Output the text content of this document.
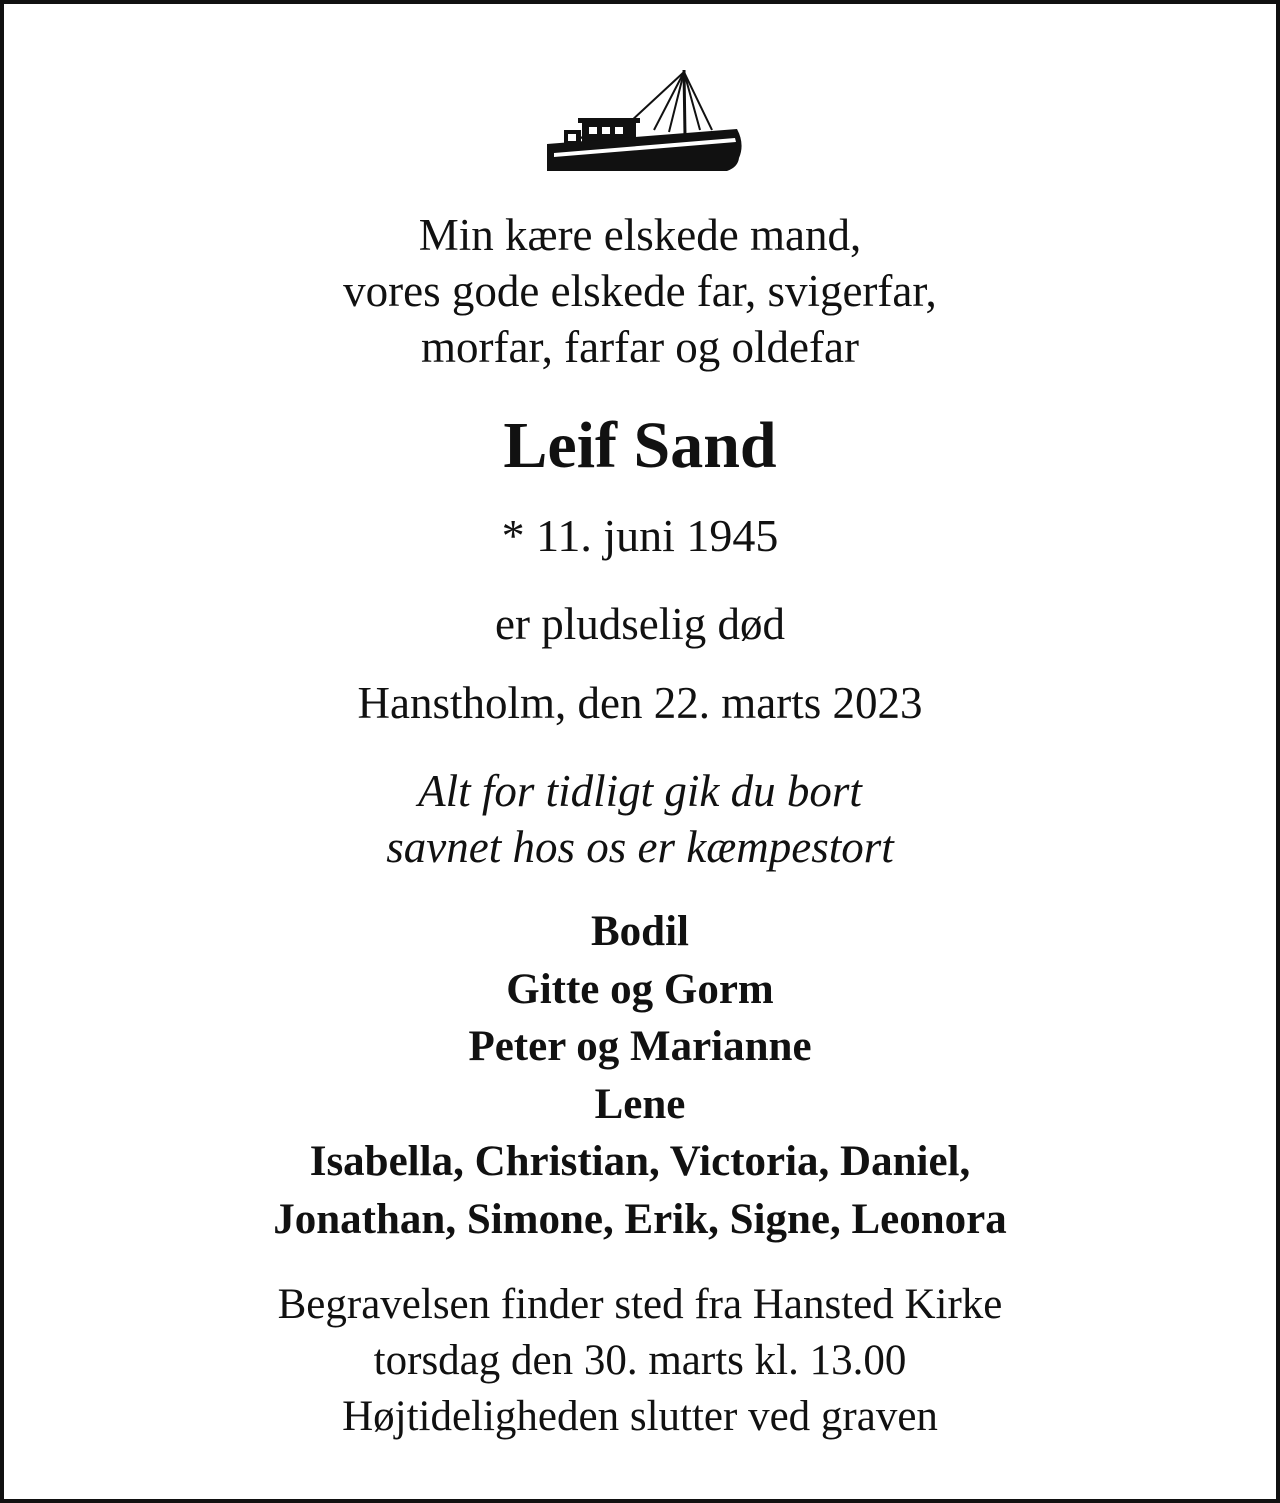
Min kære elskede mand,
vores gode elskede far, svigerfar,
morfar, farfar og oldefar
Leif Sand
* 11. juni 1945
er pludselig død
Hanstholm, den 22. marts 2023
Alt for tidligt gik du bort
savnet hos os er kæmpestort
Bodil
Gitte og Gorm
Peter og Marianne
Lene
Isabella, Christian, Victoria, Daniel,
Jonathan, Simone, Erik, Signe, Leonora
Begravelsen finder sted fra Hansted Kirke
torsdag den 30. marts kl. 13.00
Højtideligheden slutter ved graven
